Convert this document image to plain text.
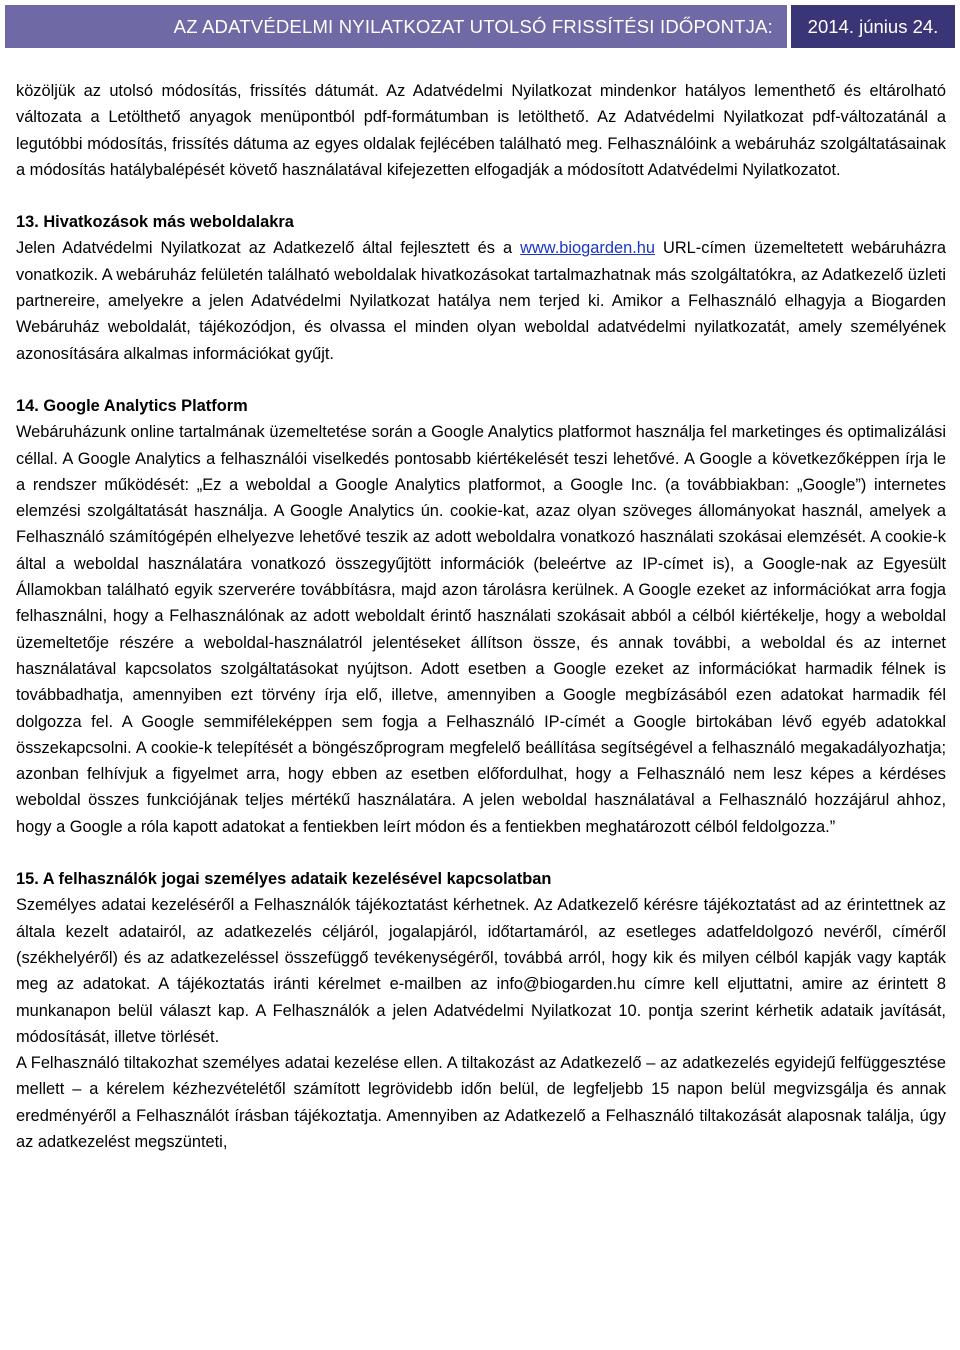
AZ ADATVÉDELMI NYILATKOZAT UTOLSÓ FRISSÍTÉSI IDŐPONTJA:	2014. június 24.

közöljük az utolsó módosítás, frissítés dátumát. Az Adatvédelmi Nyilatkozat mindenkor hatályos lementhető és eltárolható változata a Letölthető anyagok menüpontból pdf-formátumban is letölthető. Az Adatvédelmi Nyilatkozat pdf-változatánál a legutóbbi módosítás, frissítés dátuma az egyes oldalak fejlécében található meg. Felhasználóink a webáruház szolgáltatásainak a módosítás hatálybalépését követő használatával kifejezetten elfogadják a módosított Adatvédelmi Nyilatkozatot.

13. Hivatkozások más weboldalakra

Jelen Adatvédelmi Nyilatkozat az Adatkezelő által fejlesztett és a www.biogarden.hu URL-címen üzemeltetett webáruházra vonatkozik. A webáruház felületén található weboldalak hivatkozásokat tartalmazhatnak más szolgáltatókra, az Adatkezelő üzleti partnereire, amelyekre a jelen Adatvédelmi Nyilatkozat hatálya nem terjed ki. Amikor a Felhasználó elhagyja a Biogarden Webáruház weboldalát, tájékozódjon, és olvassa el minden olyan weboldal adatvédelmi nyilatkozatát, amely személyének azonosítására alkalmas információkat gyűjt.

14. Google Analytics Platform

Webáruházunk online tartalmának üzemeltetése során a Google Analytics platformot használja fel marketinges és optimalizálási céllal. A Google Analytics a felhasználói viselkedés pontosabb kiértékelését teszi lehetővé. A Google a következőképpen írja le a rendszer működését: „Ez a weboldal a Google Analytics platformot, a Google Inc. (a továbbiakban: „Google”) internetes elemzési szolgáltatását használja. A Google Analytics ún. cookie-kat, azaz olyan szöveges állományokat használ, amelyek a Felhasználó számítógépén elhelyezve lehetővé teszik az adott weboldalra vonatkozó használati szokásai elemzését. A cookie-k által a weboldal használatára vonatkozó összegyűjtött információk (beleértve az IP-címet is), a Google-nak az Egyesült Államokban található egyik szerverére továbbításra, majd azon tárolásra kerülnek. A Google ezeket az információkat arra fogja felhasználni, hogy a Felhasználónak az adott weboldalt érintő használati szokásait abból a célból kiértékelje, hogy a weboldal üzemeltetője részére a weboldal-használatról jelentéseket állítson össze, és annak további, a weboldal és az internet használatával kapcsolatos szolgáltatásokat nyújtson. Adott esetben a Google ezeket az információkat harmadik félnek is továbbadhatja, amennyiben ezt törvény írja elő, illetve, amennyiben a Google megbízásából ezen adatokat harmadik fél dolgozza fel. A Google semmiféleképpen sem fogja a Felhasználó IP-címét a Google birtokában lévő egyéb adatokkal összekapcsolni. A cookie-k telepítését a böngészőprogram megfelelő beállítása segítségével a felhasználó megakadályozhatja; azonban felhívjuk a figyelmet arra, hogy ebben az esetben előfordulhat, hogy a Felhasználó nem lesz képes a kérdéses weboldal összes funkciójának teljes mértékű használatára. A jelen weboldal használatával a Felhasználó hozzájárul ahhoz, hogy a Google a róla kapott adatokat a fentiekben leírt módon és a fentiekben meghatározott célból feldolgozza.”

15. A felhasználók jogai személyes adataik kezelésével kapcsolatban

Személyes adatai kezeléséről a Felhasználók tájékoztatást kérhetnek. Az Adatkezelő kérésre tájékoztatást ad az érintettnek az általa kezelt adatairól, az adatkezelés céljáról, jogalapjáról, időtartamáról, az esetleges adatfeldolgozó nevéről, címéről (székhelyéről) és az adatkezeléssel összefüggő tevékenységéről, továbbá arról, hogy kik és milyen célból kapják vagy kapták meg az adatokat. A tájékoztatás iránti kérelmet e-mailben az info@biogarden.hu címre kell eljuttatni, amire az érintett 8 munkanapon belül választ kap. A Felhasználók a jelen Adatvédelmi Nyilatkozat 10. pontja szerint kérhetik adataik javítását, módosítását, illetve törlését.

A Felhasználó tiltakozhat személyes adatai kezelése ellen. A tiltakozást az Adatkezelő – az adatkezelés egyidejű felfüggesztése mellett – a kérelem kézhezvételétől számított legrövidebb időn belül, de legfeljebb 15 napon belül megvizsgálja és annak eredményéről a Felhasználót írásban tájékoztatja. Amennyiben az Adatkezelő a Felhasználó tiltakozását alaposnak találja, úgy az adatkezelést megszünteti,
